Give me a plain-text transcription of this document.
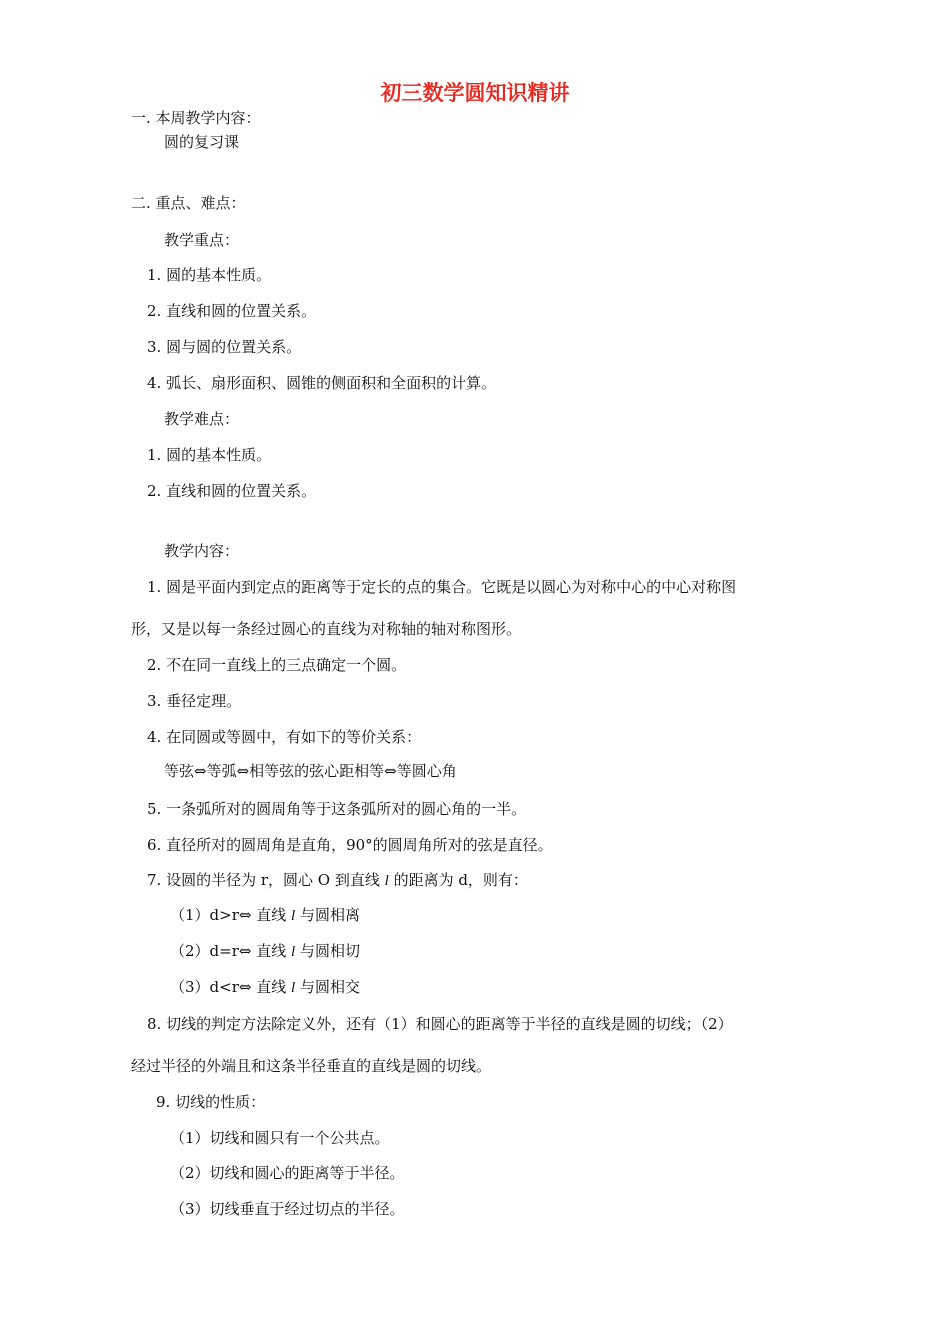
初三数学圆知识精讲
一. 本周教学内容：
圆的复习课
二. 重点、难点：
教学重点：
1. 圆的基本性质。
2. 直线和圆的位置关系。
3. 圆与圆的位置关系。
4. 弧长、扇形面积、圆锥的侧面积和全面积的计算。
教学难点：
1. 圆的基本性质。
2. 直线和圆的位置关系。
教学内容：
1. 圆是平面内到定点的距离等于定长的点的集合。它既是以圆心为对称中心的中心对称图
形，又是以每一条经过圆心的直线为对称轴的轴对称图形。
2. 不在同一直线上的三点确定一个圆。
3. 垂径定理。
4. 在同圆或等圆中，有如下的等价关系：
等弦⇔等弧⇔相等弦的弦心距相等⇔等圆心角
5. 一条弧所对的圆周角等于这条弧所对的圆心角的一半。
6. 直径所对的圆周角是直角，90°的圆周角所对的弦是直径。
7. 设圆的半径为 r，圆心 O 到直线 l 的距离为 d，则有：
（1）d>r⇔ 直线 l 与圆相离
（2）d=r⇔ 直线 l 与圆相切
（3）d<r⇔ 直线 l 与圆相交
8. 切线的判定方法除定义外，还有（1）和圆心的距离等于半径的直线是圆的切线；（2）
经过半径的外端且和这条半径垂直的直线是圆的切线。
9. 切线的性质：
（1）切线和圆只有一个公共点。
（2）切线和圆心的距离等于半径。
（3）切线垂直于经过切点的半径。
